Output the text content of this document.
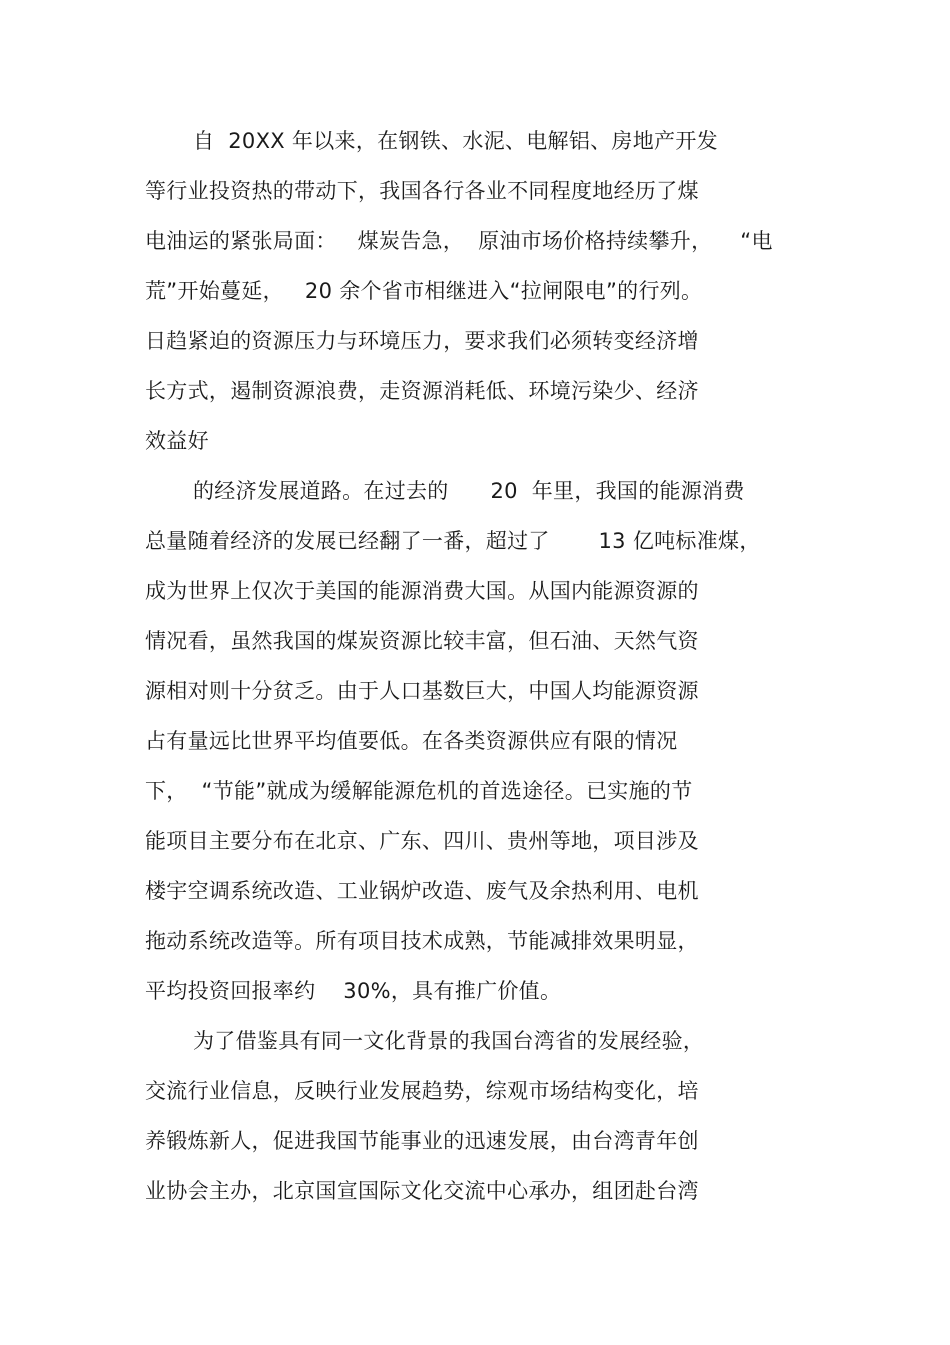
自  20XX 年以来，在钢铁、水泥、电解铝、房地产开发
等行业投资热的带动下，我国各行各业不同程度地经历了煤
电油运的紧张局面：   煤炭告急，  原油市场价格持续攀升，    “电
荒”开始蔓延，   20 余个省市相继进入“拉闸限电”的行列。
日趋紧迫的资源压力与环境压力，要求我们必须转变经济增
长方式，遏制资源浪费，走资源消耗低、环境污染少、经济
效益好
的经济发展道路。在过去的      20  年里，我国的能源消费
总量随着经济的发展已经翻了一番，超过了       13 亿吨标准煤，
成为世界上仅次于美国的能源消费大国。从国内能源资源的
情况看，虽然我国的煤炭资源比较丰富，但石油、天然气资
源相对则十分贫乏。由于人口基数巨大，中国人均能源资源
占有量远比世界平均值要低。在各类资源供应有限的情况
下，  “节能”就成为缓解能源危机的首选途径。已实施的节
能项目主要分布在北京、广东、四川、贵州等地，项目涉及
楼宇空调系统改造、工业锅炉改造、废气及余热利用、电机
拖动系统改造等。所有项目技术成熟，节能减排效果明显，
平均投资回报率约    30%，具有推广价值。
为了借鉴具有同一文化背景的我国台湾省的发展经验，
交流行业信息，反映行业发展趋势，综观市场结构变化，培
养锻炼新人，促进我国节能事业的迅速发展，由台湾青年创
业协会主办，北京国宣国际文化交流中心承办，组团赴台湾
